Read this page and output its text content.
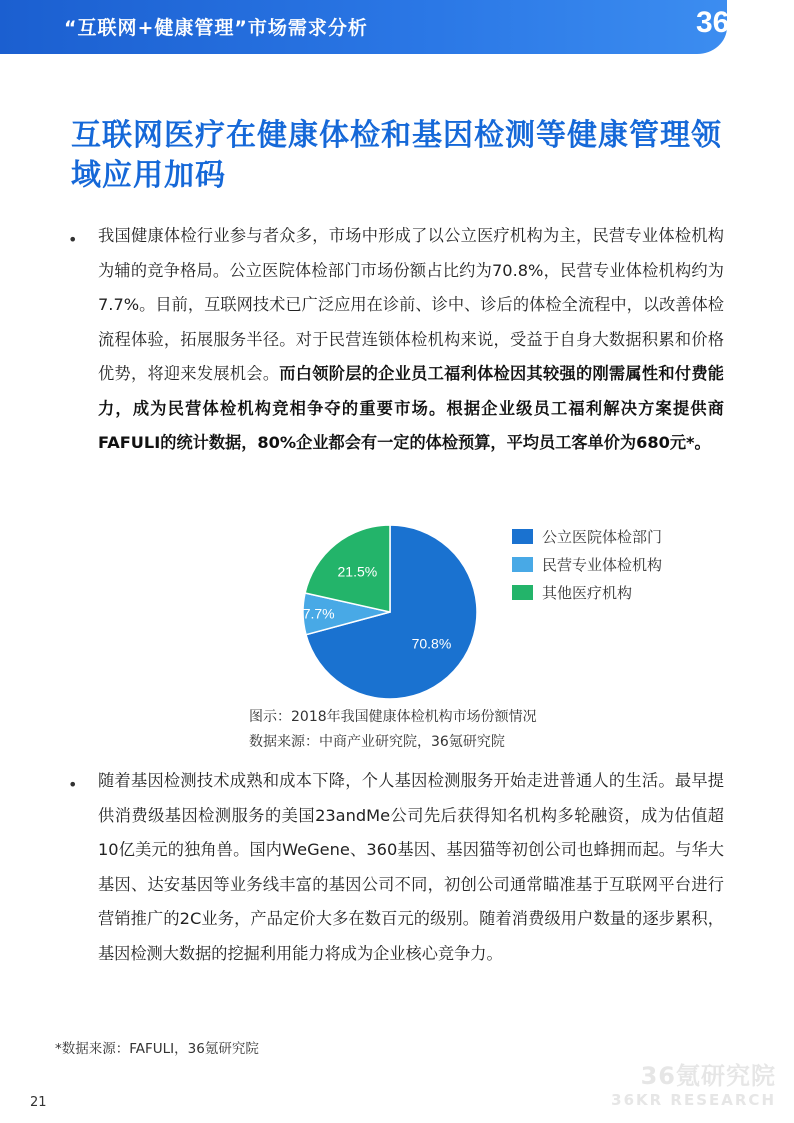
“互联网+健康管理”市场需求分析	36Kr
互联网医疗在健康体检和基因检测等健康管理领域应用加码
• 我国健康体检行业参与者众多，市场中形成了以公立医疗机构为主，民营专业体检机构为辅的竞争格局。公立医院体检部门市场份额占比约为70.8%，民营专业体检机构约为7.7%。目前，互联网技术已广泛应用在诊前、诊中、诊后的体检全流程中，以改善体检流程体验，拓展服务半径。对于民营连锁体检机构来说，受益于自身大数据积累和价格优势，将迎来发展机会。而白领阶层的企业员工福利体检因其较强的刚需属性和付费能力，成为民营体检机构竞相争夺的重要市场。根据企业级员工福利解决方案提供商FAFULI的统计数据，80%企业都会有一定的体检预算，平均员工客单价为680元*。
70.8%
7.7%
21.5%
公立医院体检部门
民营专业体检机构
其他医疗机构
图示：2018年我国健康体检机构市场份额情况
数据来源：中商产业研究院，36氪研究院
• 随着基因检测技术成熟和成本下降，个人基因检测服务开始走进普通人的生活。最早提供消费级基因检测服务的美国23andMe公司先后获得知名机构多轮融资，成为估值超10亿美元的独角兽。国内WeGene、360基因、基因猫等初创公司也蜂拥而起。与华大基因、达安基因等业务线丰富的基因公司不同，初创公司通常瞄准基于互联网平台进行营销推广的2C业务，产品定价大多在数百元的级别。随着消费级用户数量的逐步累积，基因检测大数据的挖掘利用能力将成为企业核心竞争力。
*数据来源：FAFULI，36氪研究院
21
36氪研究院
36KR RESEARCH
